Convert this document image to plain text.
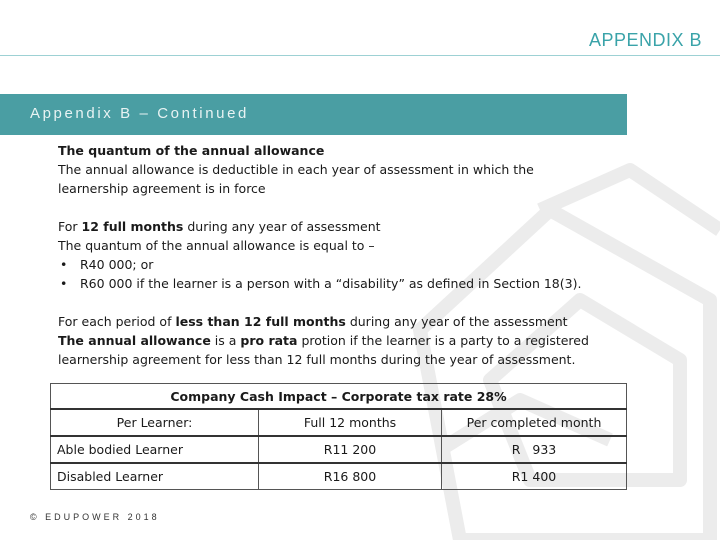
APPENDIX B
Appendix B – Continued

The quantum of the annual allowance

The annual allowance is deductible in each year of assessment in which the

learnership agreement is in force

For 12 full months during any year of assessment

The quantum of the annual allowance is equal to –

• R40 000; or

• R60 000 if the learner is a person with a “disability” as defined in Section 18(3).

For each period of less than 12 full months during any year of the assessment

The annual allowance is a pro rata protion if the learner is a party to a registered

learnership agreement for less than 12 full months during the year of assessment.

Company Cash Impact – Corporate tax rate 28%		
Per Learner:	Full 12 months	Per completed month
Able bodied Learner	R11 200	R   933
Disabled Learner	R16 800	R1 400
© EDUPOWER 2018
